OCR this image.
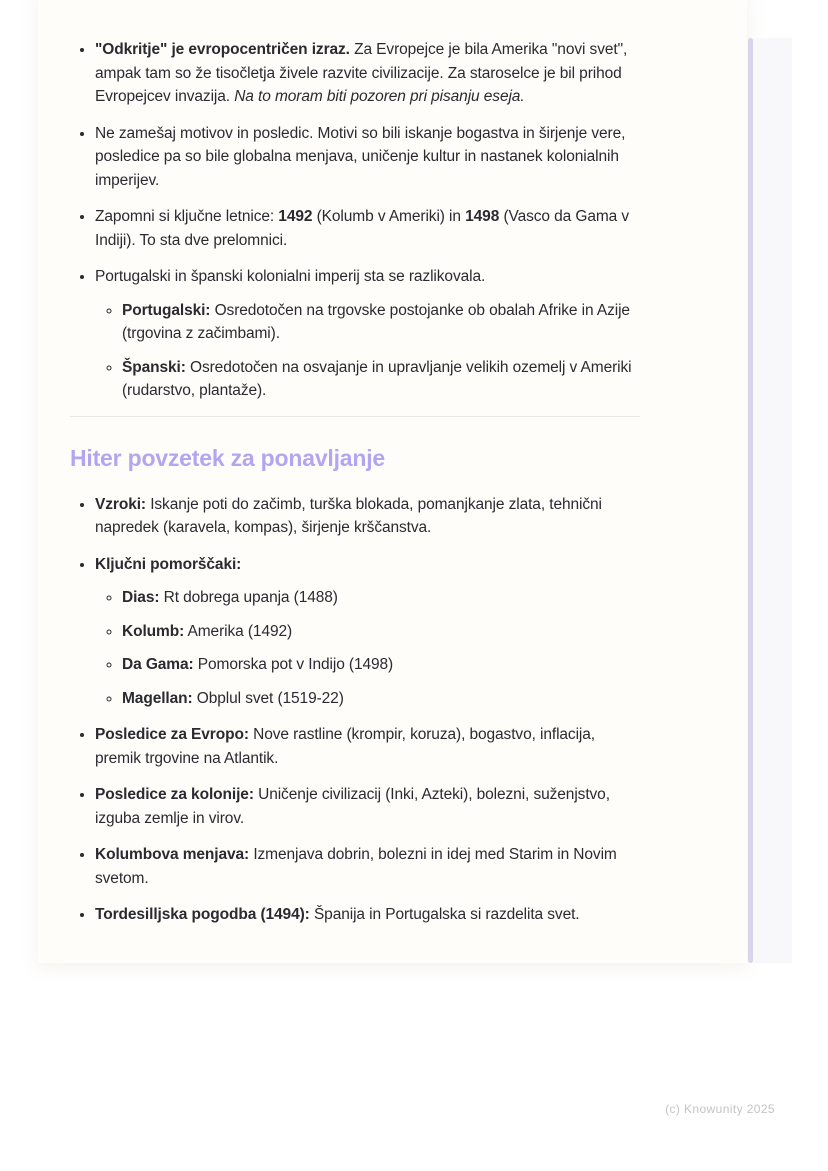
• "Odkritje" je evropocentričen izraz. Za Evropejce je bila Amerika "novi svet", ampak tam so že tisočletja živele razvite civilizacije. Za staroselce je bil prihod Evropejcev invazija. Na to moram biti pozoren pri pisanju eseja.
• Ne zamešaj motivov in posledic. Motivi so bili iskanje bogastva in širjenje vere, posledice pa so bile globalna menjava, uničenje kultur in nastanek kolonialnih imperijev.
• Zapomni si ključne letnice: 1492 (Kolumb v Ameriki) in 1498 (Vasco da Gama v Indiji). To sta dve prelomnici.
• Portugalski in španski kolonialni imperij sta se razlikovala.
◦ Portugalski: Osredotočen na trgovske postojanke ob obalah Afrike in Azije (trgovina z začimbami).
◦ Španski: Osredotočen na osvajanje in upravljanje velikih ozemelj v Ameriki (rudarstvo, plantaže).
Hiter povzetek za ponavljanje
• Vzroki: Iskanje poti do začimb, turška blokada, pomanjkanje zlata, tehnični napredek (karavela, kompas), širjenje krščanstva.
• Ključni pomorščaki:
◦ Dias: Rt dobrega upanja (1488)
◦ Kolumb: Amerika (1492)
◦ Da Gama: Pomorska pot v Indijo (1498)
◦ Magellan: Obplul svet (1519-22)
• Posledice za Evropo: Nove rastline (krompir, koruza), bogastvo, inflacija, premik trgovine na Atlantik.
• Posledice za kolonije: Uničenje civilizacij (Inki, Azteki), bolezni, suženjstvo, izguba zemlje in virov.
• Kolumbova menjava: Izmenjava dobrin, bolezni in idej med Starim in Novim svetom.
• Tordesilljska pogodba (1494): Španija in Portugalska si razdelita svet.
(c) Knowunity 2025
